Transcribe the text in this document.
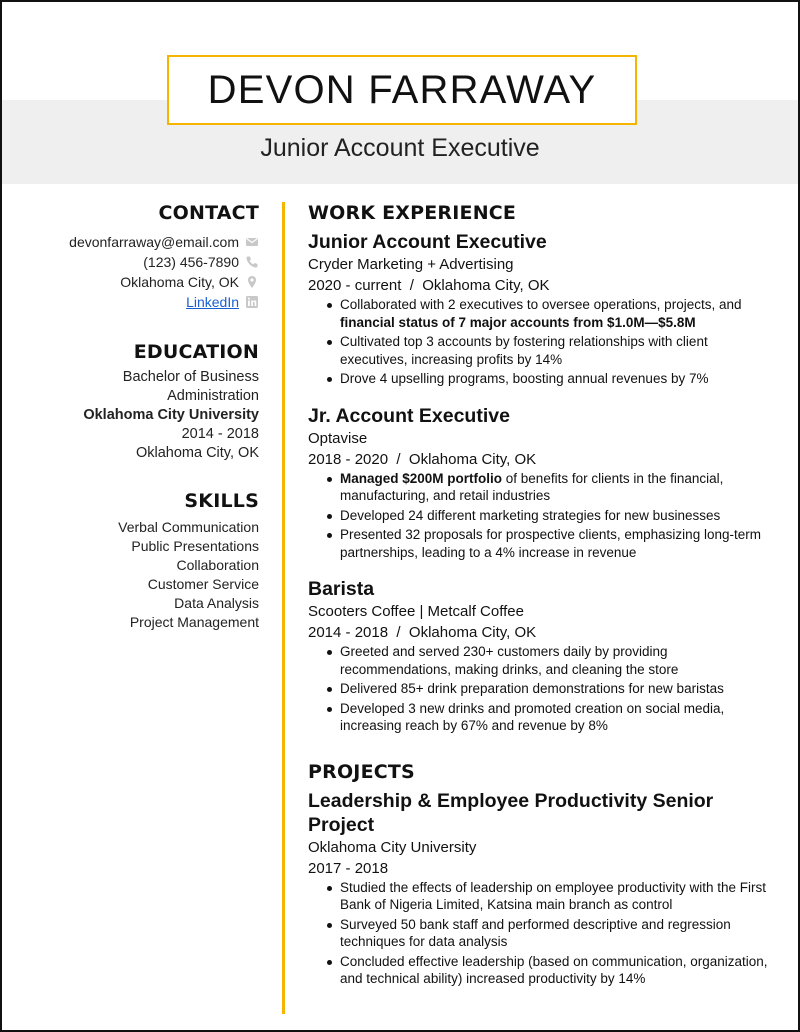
DEVON FARRAWAY
Junior Account Executive
CONTACT
devonfarraway@email.com
(123) 456-7890
Oklahoma City, OK
LinkedIn
EDUCATION
Bachelor of Business
Administration
Oklahoma City University
2014 - 2018
Oklahoma City, OK
SKILLS
Verbal Communication
Public Presentations
Collaboration
Customer Service
Data Analysis
Project Management
WORK EXPERIENCE
Junior Account Executive
Cryder Marketing + Advertising
2020 - current  /  Oklahoma City, OK
Collaborated with 2 executives to oversee operations, projects, and financial status of 7 major accounts from $1.0M—$5.8M
Cultivated top 3 accounts by fostering relationships with client executives, increasing profits by 14%
Drove 4 upselling programs, boosting annual revenues by 7%
Jr. Account Executive
Optavise
2018 - 2020  /  Oklahoma City, OK
Managed $200M portfolio of benefits for clients in the financial, manufacturing, and retail industries
Developed 24 different marketing strategies for new businesses
Presented 32 proposals for prospective clients, emphasizing long-term partnerships, leading to a 4% increase in revenue
Barista
Scooters Coffee | Metcalf Coffee
2014 - 2018  /  Oklahoma City, OK
Greeted and served 230+ customers daily by providing recommendations, making drinks, and cleaning the store
Delivered 85+ drink preparation demonstrations for new baristas
Developed 3 new drinks and promoted creation on social media, increasing reach by 67% and revenue by 8%
PROJECTS
Leadership & Employee Productivity Senior Project
Oklahoma City University
2017 - 2018
Studied the effects of leadership on employee productivity with the First Bank of Nigeria Limited, Katsina main branch as control
Surveyed 50 bank staff and performed descriptive and regression techniques for data analysis
Concluded effective leadership (based on communication, organization, and technical ability) increased productivity by 14%
